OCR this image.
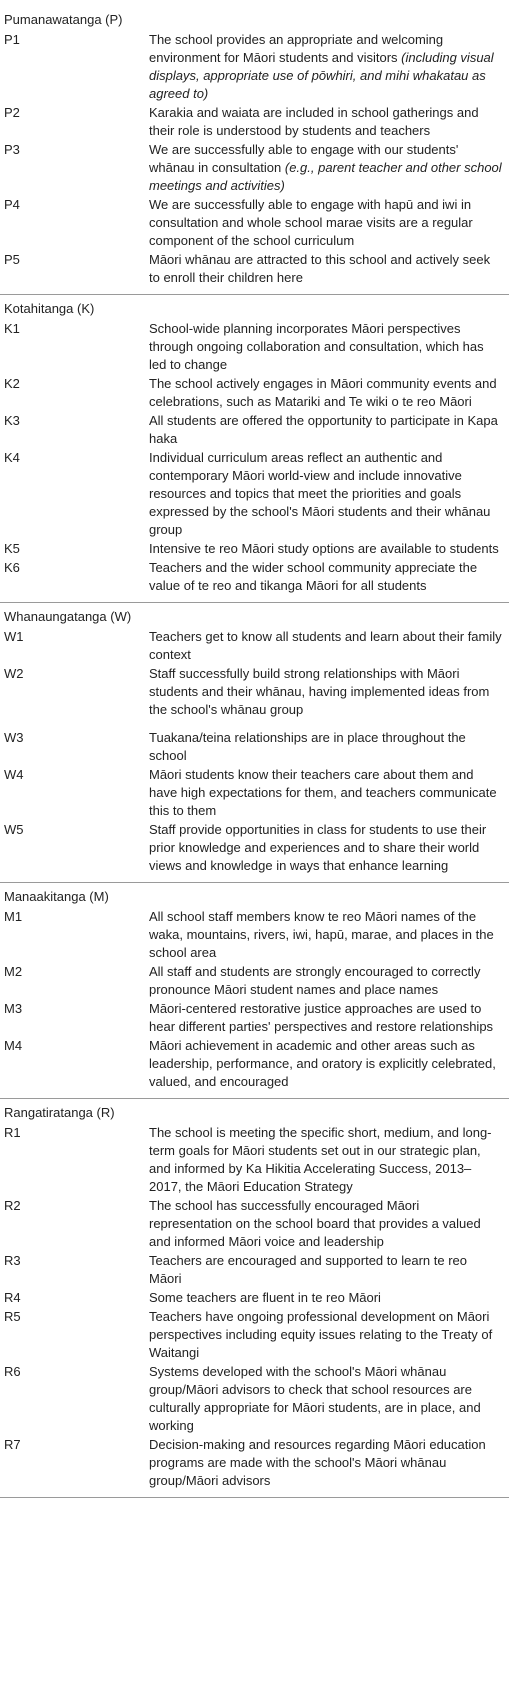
Pumanawatanga (P)
P1	The school provides an appropriate and welcoming environment for Māori students and visitors (including visual displays, appropriate use of pōwhiri, and mihi whakatau as agreed to)
P2	Karakia and waiata are included in school gatherings and their role is understood by students and teachers
P3	We are successfully able to engage with our students' whānau in consultation (e.g., parent teacher and other school meetings and activities)
P4	We are successfully able to engage with hapū and iwi in consultation and whole school marae visits are a regular component of the school curriculum
P5	Māori whānau are attracted to this school and actively seek to enroll their children here
Kotahitanga (K)
K1	School-wide planning incorporates Māori perspectives through ongoing collaboration and consultation, which has led to change
K2	The school actively engages in Māori community events and celebrations, such as Matariki and Te wiki o te reo Māori
K3	All students are offered the opportunity to participate in Kapa haka
K4	Individual curriculum areas reflect an authentic and contemporary Māori world-view and include innovative resources and topics that meet the priorities and goals expressed by the school's Māori students and their whānau group
K5	Intensive te reo Māori study options are available to students
K6	Teachers and the wider school community appreciate the value of te reo and tikanga Māori for all students
Whanaungatanga (W)
W1	Teachers get to know all students and learn about their family context
W2	Staff successfully build strong relationships with Māori students and their whānau, having implemented ideas from the school's whānau group
W3	Tuakana/teina relationships are in place throughout the school
W4	Māori students know their teachers care about them and have high expectations for them, and teachers communicate this to them
W5	Staff provide opportunities in class for students to use their prior knowledge and experiences and to share their world views and knowledge in ways that enhance learning
Manaakitanga (M)
M1	All school staff members know te reo Māori names of the waka, mountains, rivers, iwi, hapū, marae, and places in the school area
M2	All staff and students are strongly encouraged to correctly pronounce Māori student names and place names
M3	Māori-centered restorative justice approaches are used to hear different parties' perspectives and restore relationships
M4	Māori achievement in academic and other areas such as leadership, performance, and oratory is explicitly celebrated, valued, and encouraged
Rangatiratanga (R)
R1	The school is meeting the specific short, medium, and long-term goals for Māori students set out in our strategic plan, and informed by Ka Hikitia Accelerating Success, 2013–2017, the Māori Education Strategy
R2	The school has successfully encouraged Māori representation on the school board that provides a valued and informed Māori voice and leadership
R3	Teachers are encouraged and supported to learn te reo Māori
R4	Some teachers are fluent in te reo Māori
R5	Teachers have ongoing professional development on Māori perspectives including equity issues relating to the Treaty of Waitangi
R6	Systems developed with the school's Māori whānau group/Māori advisors to check that school resources are culturally appropriate for Māori students, are in place, and working
R7	Decision-making and resources regarding Māori education programs are made with the school's Māori whānau group/Māori advisors
